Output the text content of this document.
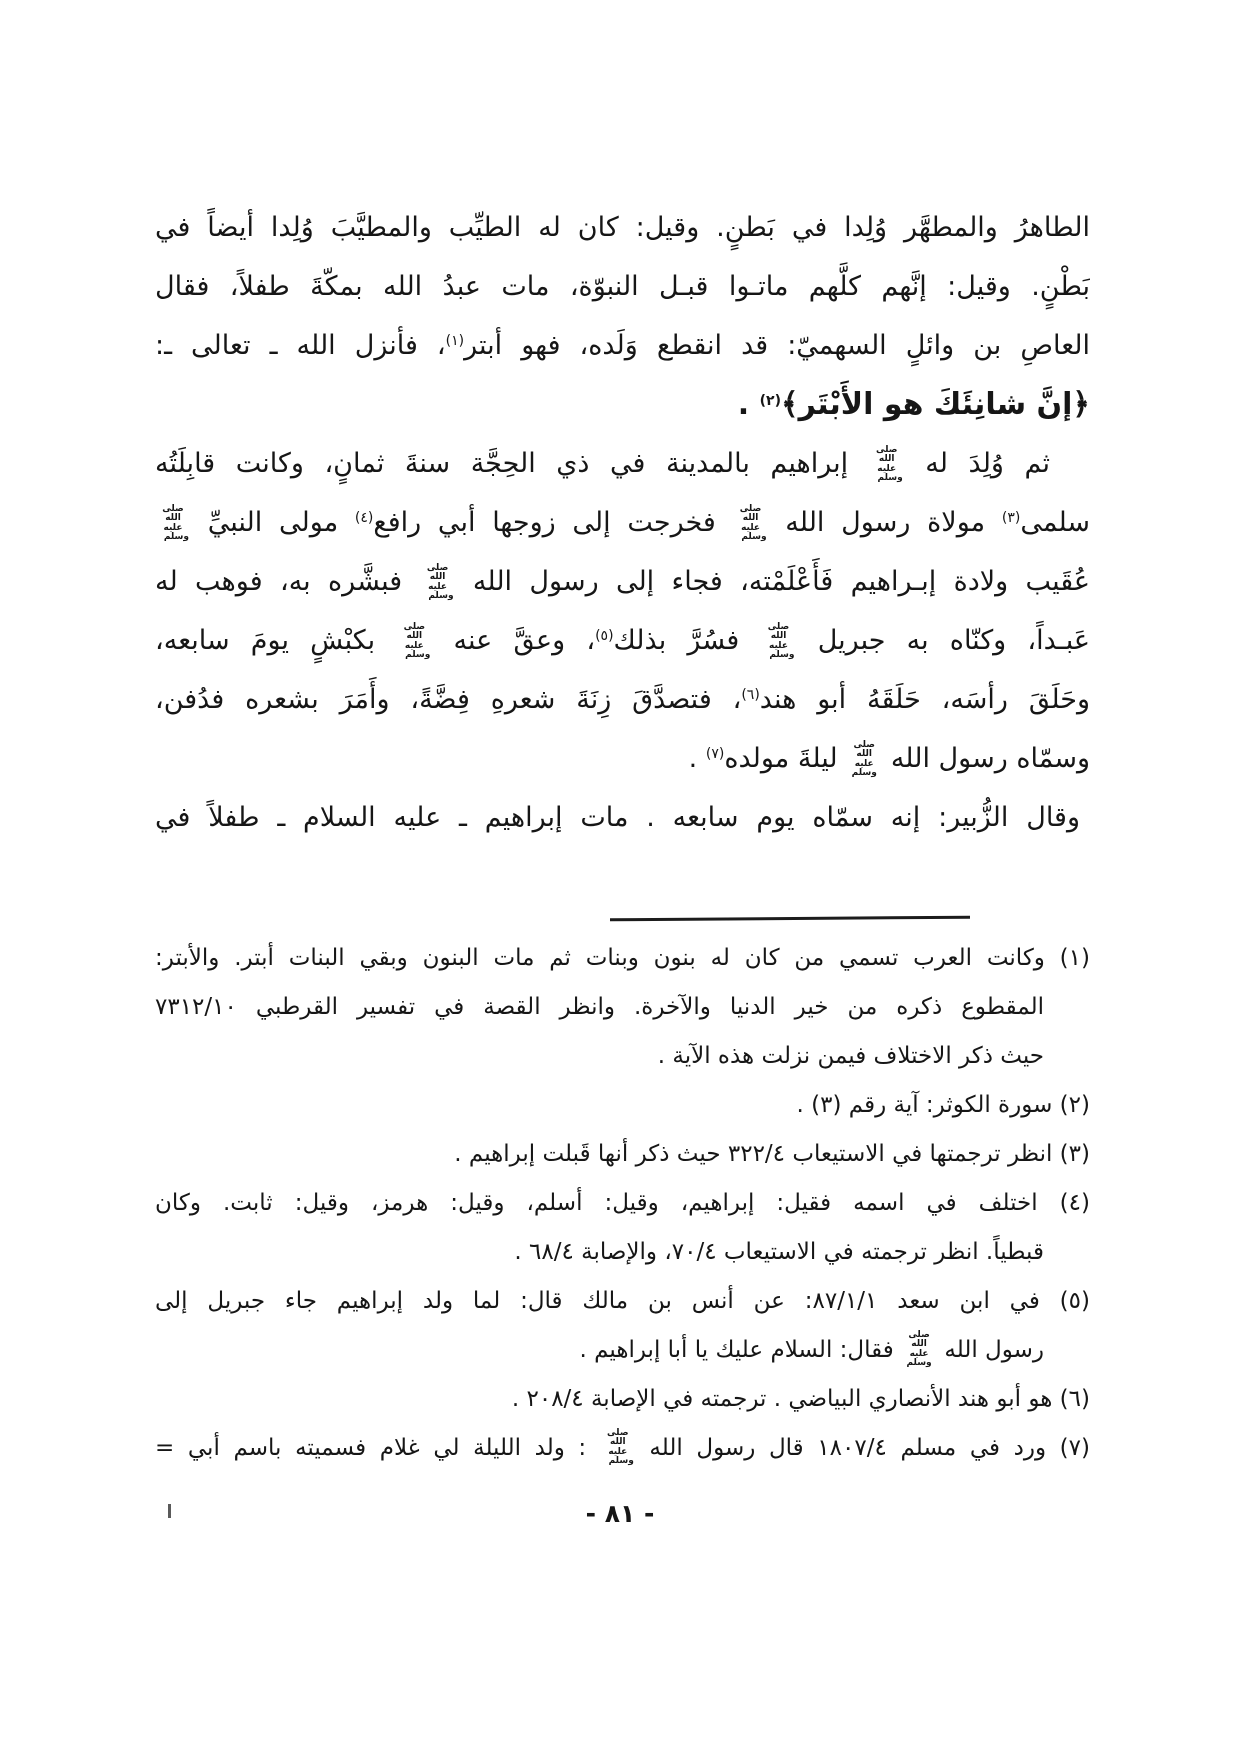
الطاهرُ والمطهَّر وُلِدا في بَطنٍ. وقيل: كان له الطيِّب والمطيَّبَ وُلِدا أيضاً في
بَطْنٍ. وقيل: إنَّهم كلَّهم ماتـوا قبـل النبوّة، مات عبدُ الله بمكّةَ طفلاً، فقال
العاصِ بن وائلٍ السهميّ: قد انقطع وَلَده، فهو أبتر$^{(١)}$، فأنزل الله ـ تعالى ـ:
﴿إنَّ شانِئَكَ هو الأَبْتَر﴾$^{(٢)}$ .
ثم وُلِدَ له صلى الله عليه وسلم إبراهيم بالمدينة في ذي الحِجَّة سنةَ ثمانٍ، وكانت قابِلَتُه
سلمى$^{(٣)}$ مولاة رسول الله صلى الله عليه وسلم فخرجت إلى زوجها أبي رافع$^{(٤)}$ مولى النبيِّ صلى الله عليه وسلم
عُقَيب ولادة إبـراهيم فَأَعْلَمْته، فجاء إلى رسول الله صلى الله عليه وسلم فبشَّره به، فوهب له
عَبـداً، وكنّاه به جبريل صلى الله عليه وسلم فسُرَّ بذلك$^{(٥)}$، وعقَّ عنه صلى الله عليه وسلم بكبْشٍ يومَ سابعه،
وحَلَقَ رأسَه، حَلَقَهُ أبو هند$^{(٦)}$، فتصدَّقَ زِنَةَ شعرهِ فِضَّةً، وأَمَرَ بشعره فدُفن،
وسمّاه رسول الله صلى الله عليه وسلم ليلةَ مولده$^{(٧)}$ .
وقال الزُّبير: إنه سمّاه يوم سابعه . مات إبراهيم ـ عليه السلام ـ طفلاً في
(١) وكانت العرب تسمي من كان له بنون وبنات ثم مات البنون وبقي البنات أبتر. والأبتر:
المقطوع ذكره من خير الدنيا والآخرة. وانظر القصة في تفسير القرطبي ٧٣١٢/١٠
حيث ذكر الاختلاف فيمن نزلت هذه الآية .
(٢) سورة الكوثر: آية رقم (٣) .
(٣) انظر ترجمتها في الاستيعاب ٣٢٢/٤ حيث ذكر أنها قَبلت إبراهيم .
(٤) اختلف في اسمه فقيل: إبراهيم، وقيل: أسلم، وقيل: هرمز، وقيل: ثابت. وكان
قبطياً. انظر ترجمته في الاستيعاب ٧٠/٤، والإصابة ٦٨/٤ .
(٥) في ابن سعد ٨٧/١/١: عن أنس بن مالك قال: لما ولد إبراهيم جاء جبريل إلى
رسول الله صلى الله عليه وسلم فقال: السلام عليك يا أبا إبراهيم .
(٦) هو أبو هند الأنصاري البياضي . ترجمته في الإصابة ٢٠٨/٤ .
(٧) ورد في مسلم ١٨٠٧/٤ قال رسول الله صلى الله عليه وسلم : ولد الليلة لي غلام فسميته باسم أبي =
- ٨١ -
